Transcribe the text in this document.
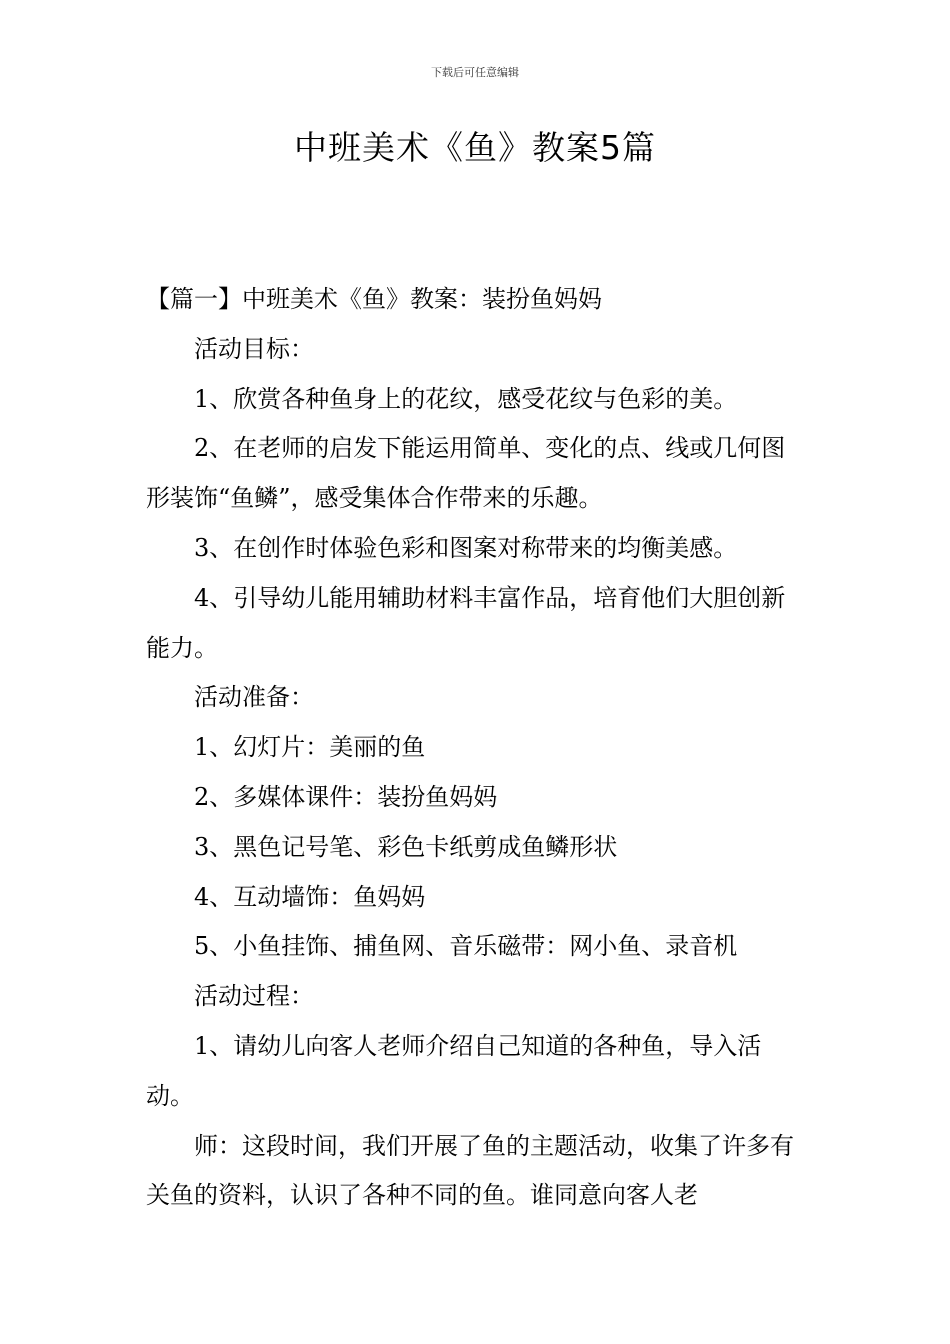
下载后可任意编辑
中班美术《鱼》教案5篇

【篇一】中班美术《鱼》教案：装扮鱼妈妈

活动目标：

1、欣赏各种鱼身上的花纹，感受花纹与色彩的美。

2、在老师的启发下能运用简单、变化的点、线或几何图形装饰“鱼鳞”，感受集体合作带来的乐趣。

3、在创作时体验色彩和图案对称带来的均衡美感。

4、引导幼儿能用辅助材料丰富作品，培育他们大胆创新能力。

活动准备：

1、幻灯片：美丽的鱼

2、多媒体课件：装扮鱼妈妈

3、黑色记号笔、彩色卡纸剪成鱼鳞形状

4、互动墙饰：鱼妈妈

5、小鱼挂饰、捕鱼网、音乐磁带：网小鱼、录音机

活动过程：

1、请幼儿向客人老师介绍自己知道的各种鱼，导入活动。

师：这段时间，我们开展了鱼的主题活动，收集了许多有关鱼的资料，认识了各种不同的鱼。谁同意向客人老
